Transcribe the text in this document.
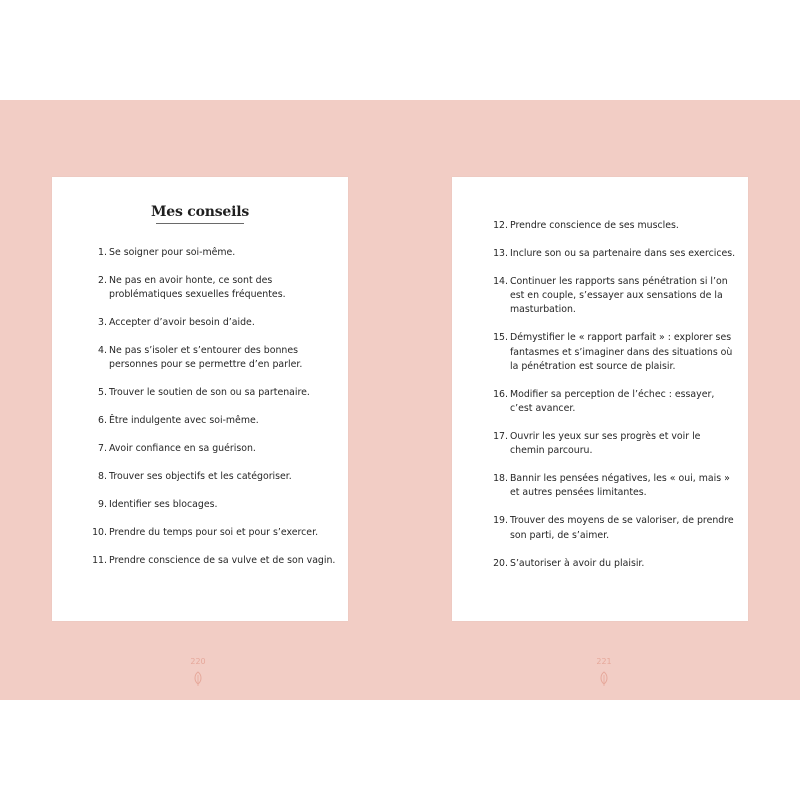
Mes conseils
1. Se soigner pour soi-même.
2. Ne pas en avoir honte, ce sont des problématiques sexuelles fréquentes.
3. Accepter d’avoir besoin d’aide.
4. Ne pas s’isoler et s’entourer des bonnes personnes pour se permettre d’en parler.
5. Trouver le soutien de son ou sa partenaire.
6. Être indulgente avec soi-même.
7. Avoir confiance en sa guérison.
8. Trouver ses objectifs et les catégoriser.
9. Identifier ses blocages.
10. Prendre du temps pour soi et pour s’exercer.
11. Prendre conscience de sa vulve et de son vagin.
12. Prendre conscience de ses muscles.
13. Inclure son ou sa partenaire dans ses exercices.
14. Continuer les rapports sans pénétration si l’on est en couple, s’essayer aux sensations de la masturbation.
15. Démystifier le « rapport parfait » : explorer ses fantasmes et s’imaginer dans des situations où la pénétration est source de plaisir.
16. Modifier sa perception de l’échec : essayer, c’est avancer.
17. Ouvrir les yeux sur ses progrès et voir le chemin parcouru.
18. Bannir les pensées négatives, les « oui, mais » et autres pensées limitantes.
19. Trouver des moyens de se valoriser, de prendre son parti, de s’aimer.
20. S’autoriser à avoir du plaisir.
220	221
